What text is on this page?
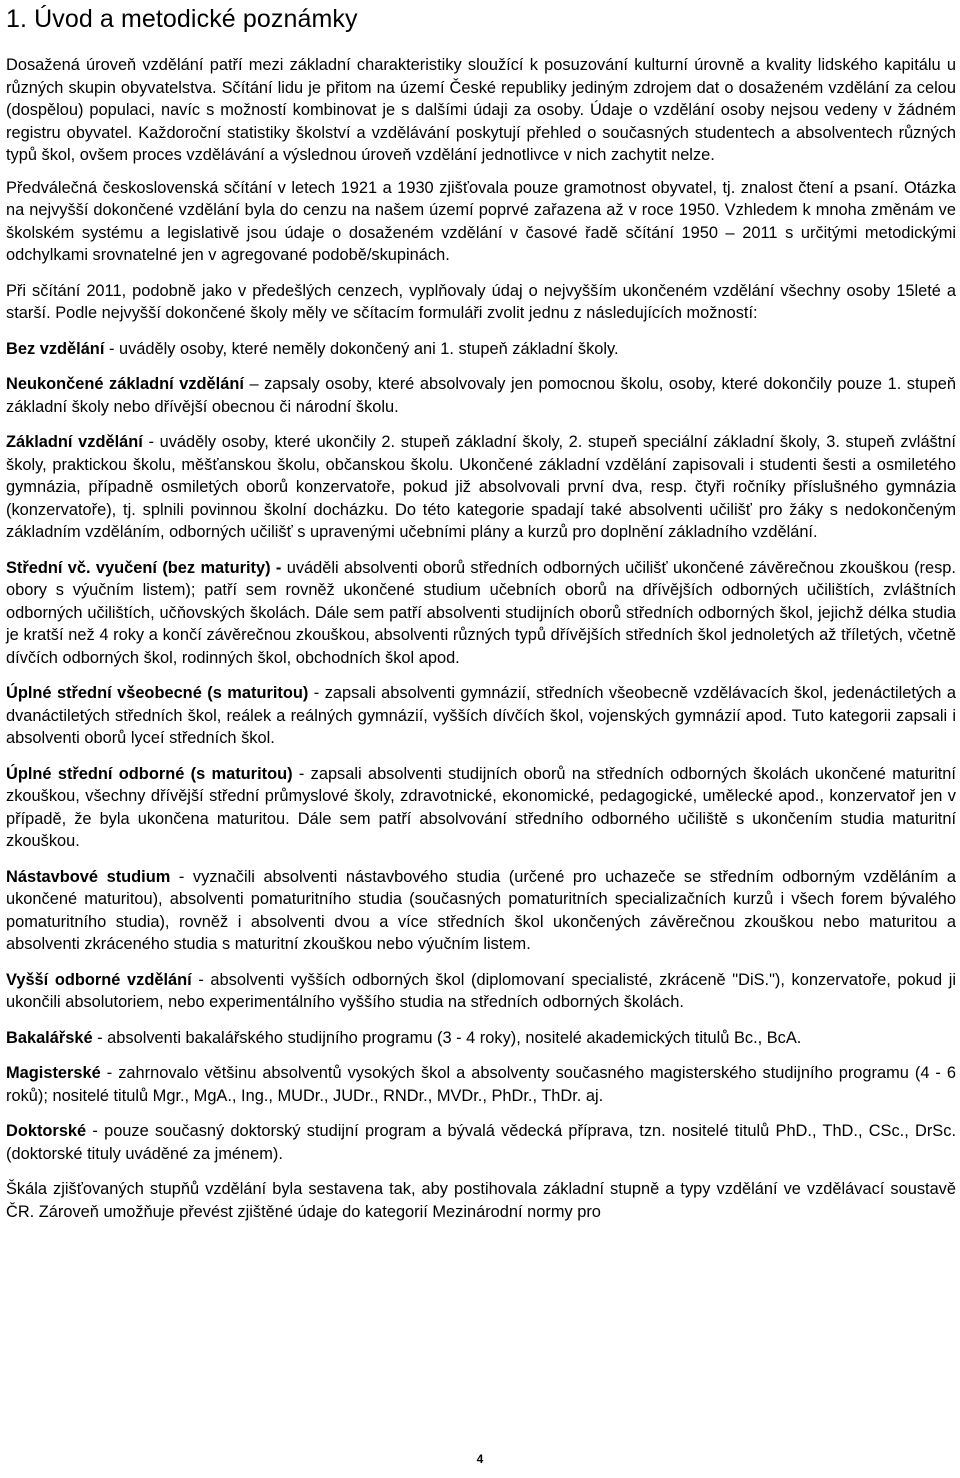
1. Úvod a metodické poznámky

Dosažená úroveň vzdělání patří mezi základní charakteristiky sloužící k posuzování kulturní úrovně a kvality lidského kapitálu u různých skupin obyvatelstva. Sčítání lidu je přitom na území České republiky jediným zdrojem dat o dosaženém vzdělání za celou (dospělou) populaci, navíc s možností kombinovat je s dalšími údaji za osoby. Údaje o vzdělání osoby nejsou vedeny v žádném registru obyvatel. Každoroční statistiky školství a vzdělávání poskytují přehled o současných studentech a absolventech různých typů škol, ovšem proces vzdělávání a výslednou úroveň vzdělání jednotlivce v nich zachytit nelze.

Předválečná československá sčítání v letech 1921 a 1930 zjišťovala pouze gramotnost obyvatel, tj. znalost čtení a psaní. Otázka na nejvyšší dokončené vzdělání byla do cenzu na našem území poprvé zařazena až v roce 1950. Vzhledem k mnoha změnám ve školském systému a legislativě jsou údaje o dosaženém vzdělání v časové řadě sčítání 1950 – 2011 s určitými metodickými odchylkami srovnatelné jen v agregované podobě/skupinách.

Při sčítání 2011, podobně jako v předešlých cenzech, vyplňovaly údaj o nejvyšším ukončeném vzdělání všechny osoby 15leté a starší. Podle nejvyšší dokončené školy měly ve sčítacím formuláři zvolit jednu z následujících možností:

Bez vzdělání - uváděly osoby, které neměly dokončený ani 1. stupeň základní školy.

Neukončené základní vzdělání – zapsaly osoby, které absolvovaly jen pomocnou školu, osoby, které dokončily pouze 1. stupeň základní školy nebo dřívější obecnou či národní školu.

Základní vzdělání - uváděly osoby, které ukončily 2. stupeň základní školy, 2. stupeň speciální základní školy, 3. stupeň zvláštní školy, praktickou školu, měšťanskou školu, občanskou školu. Ukončené základní vzdělání zapisovali i studenti šesti a osmiletého gymnázia, případně osmiletých oborů konzervatoře, pokud již absolvovali první dva, resp. čtyři ročníky příslušného gymnázia (konzervatoře), tj. splnili povinnou školní docházku. Do této kategorie spadají také absolventi učilišť pro žáky s nedokončeným základním vzděláním, odborných učilišť s upravenými učebními plány a kurzů pro doplnění základního vzdělání.

Střední vč. vyučení (bez maturity) - uváděli absolventi oborů středních odborných učilišť ukončené závěrečnou zkouškou (resp. obory s výučním listem); patří sem rovněž ukončené studium učebních oborů na dřívějších odborných učilištích, zvláštních odborných učilištích, učňovských školách. Dále sem patří absolventi studijních oborů středních odborných škol, jejichž délka studia je kratší než 4 roky a končí závěrečnou zkouškou, absolventi různých typů dřívějších středních škol jednoletých až tříletých, včetně dívčích odborných škol, rodinných škol, obchodních škol apod.

Úplné střední všeobecné (s maturitou) - zapsali absolventi gymnázií, středních všeobecně vzdělávacích škol, jedenáctiletých a dvanáctiletých středních škol, reálek a reálných gymnázií, vyšších dívčích škol, vojenských gymnázií apod. Tuto kategorii zapsali i absolventi oborů lyceí středních škol.

Úplné střední odborné (s maturitou) - zapsali absolventi studijních oborů na středních odborných školách ukončené maturitní zkouškou, všechny dřívější střední průmyslové školy, zdravotnické, ekonomické, pedagogické, umělecké apod., konzervatoř jen v případě, že byla ukončena maturitou. Dále sem patří absolvování středního odborného učiliště s ukončením studia maturitní zkouškou.

Nástavbové studium - vyznačili absolventi nástavbového studia (určené pro uchazeče se středním odborným vzděláním a ukončené maturitou), absolventi pomaturitního studia (současných pomaturitních specializačních kurzů i všech forem bývalého pomaturitního studia), rovněž i absolventi dvou a více středních škol ukončených závěrečnou zkouškou nebo maturitou a absolventi zkráceného studia s maturitní zkouškou nebo výučním listem.

Vyšší odborné vzdělání - absolventi vyšších odborných škol (diplomovaní specialisté, zkráceně "DiS."), konzervatoře, pokud ji ukončili absolutoriem, nebo experimentálního vyššího studia na středních odborných školách.

Bakalářské - absolventi bakalářského studijního programu (3 - 4 roky), nositelé akademických titulů Bc., BcA.

Magisterské - zahrnovalo většinu absolventů vysokých škol a absolventy současného magisterského studijního programu (4 - 6 roků); nositelé titulů Mgr., MgA., Ing., MUDr., JUDr., RNDr., MVDr., PhDr., ThDr. aj.

Doktorské - pouze současný doktorský studijní program a bývalá vědecká příprava, tzn. nositelé titulů PhD., ThD., CSc., DrSc. (doktorské tituly uváděné za jménem).

Škála zjišťovaných stupňů vzdělání byla sestavena tak, aby postihovala základní stupně a typy vzdělání ve vzdělávací soustavě ČR. Zároveň umožňuje převést zjištěné údaje do kategorií Mezinárodní normy pro

4
